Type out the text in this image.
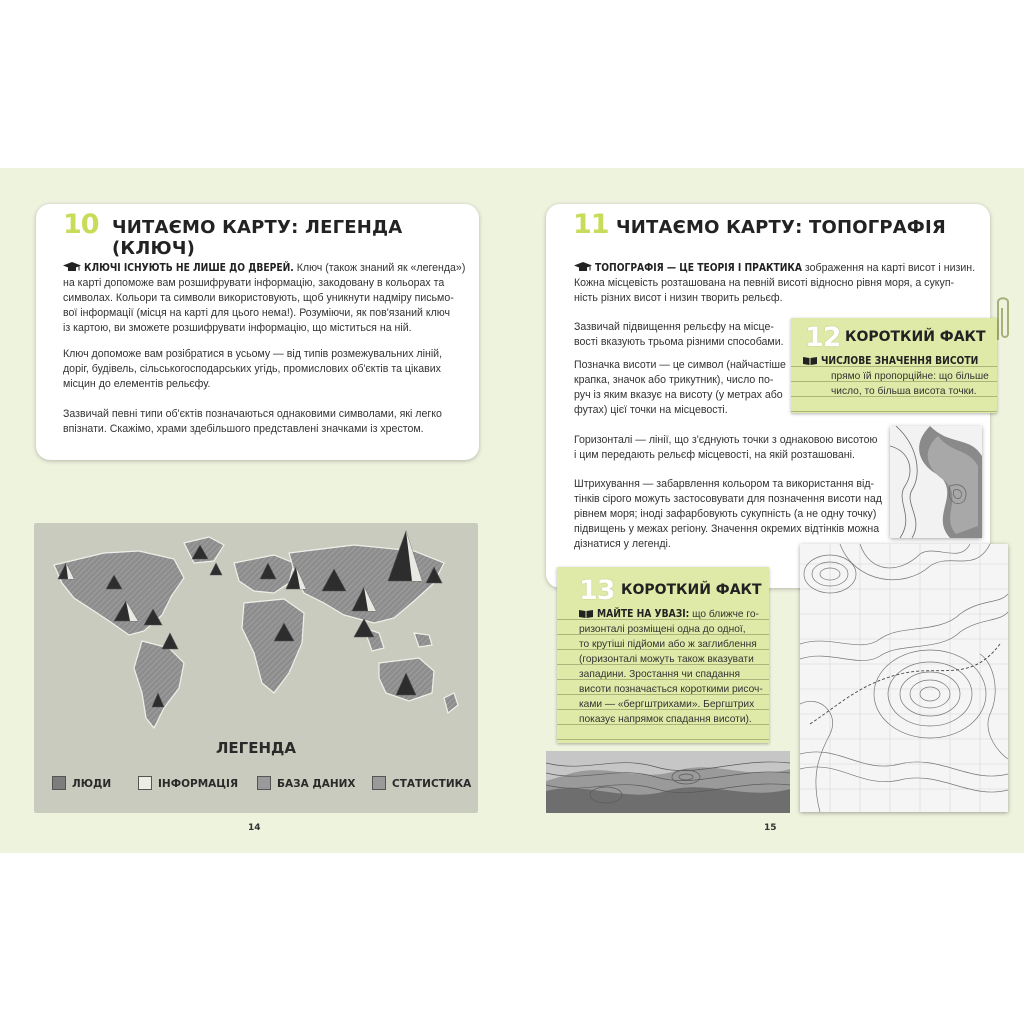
10 ЧИТАЄМО КАРТУ: ЛЕГЕНДА (КЛЮЧ)
КЛЮЧІ ІСНУЮТЬ НЕ ЛИШЕ ДО ДВЕРЕЙ. Ключ (також знаний як «легенда»)
на карті допоможе вам розшифрувати інформацію, закодовану в кольорах та
символах. Кольори та символи використовують, щоб уникнути надміру письмо-
вої інформації (місця на карті для цього нема!). Розуміючи, як пов'язаний ключ
із картою, ви зможете розшифрувати інформацію, що міститься на ній.
Ключ допоможе вам розібратися в усьому — від типів розмежувальних ліній,
доріг, будівель, сільськогосподарських угідь, промислових об'єктів та цікавих
місцин до елементів рельєфу.
Зазвичай певні типи об'єктів позначаються однаковими символами, які легко
впізнати. Скажімо, храми здебільшого представлені значками із хрестом.
ЛЕГЕНДА
ЛЮДИ	ІНФОРМАЦІЯ	БАЗА ДАНИХ	СТАТИСТИКА
14
11 ЧИТАЄМО КАРТУ: ТОПОГРАФІЯ
ТОПОГРАФІЯ — ЦЕ ТЕОРІЯ І ПРАКТИКА зображення на карті висот і низин.
Кожна місцевість розташована на певній висоті відносно рівня моря, а сукуп-
ність різних висот і низин творить рельєф.
Зазвичай підвищення рельєфу на місце-
вості вказують трьома різними способами.
Позначка висоти — це символ (найчастіше
крапка, значок або трикутник), число по-
руч із яким вказує на висоту (у метрах або
футах) цієї точки на місцевості.
Горизонталі — лінії, що з'єднують точки з однаковою висотою
і цим передають рельєф місцевості, на якій розташовані.
Штрихування — забарвлення кольором та використання від-
тінків сірого можуть застосовувати для позначення висоти над
рівнем моря; іноді зафарбовують сукупність (а не одну точку)
підвищень у межах регіону. Значення окремих відтінків можна
дізнатися у легенді.
12 КОРОТКИЙ ФАКТ
ЧИСЛОВЕ ЗНАЧЕННЯ ВИСОТИ
прямо їй пропорційне: що більше
число, то більша висота точки.
13 КОРОТКИЙ ФАКТ
МАЙТЕ НА УВАЗІ: що ближче го-
ризонталі розміщені одна до одної,
то крутіші підйоми або ж заглиблення
(горизонталі можуть також вказувати
западини. Зростання чи спадання
висоти позначається короткими рисоч-
ками — «бергштрихами». Бергштрих
показує напрямок спадання висоти).
15
